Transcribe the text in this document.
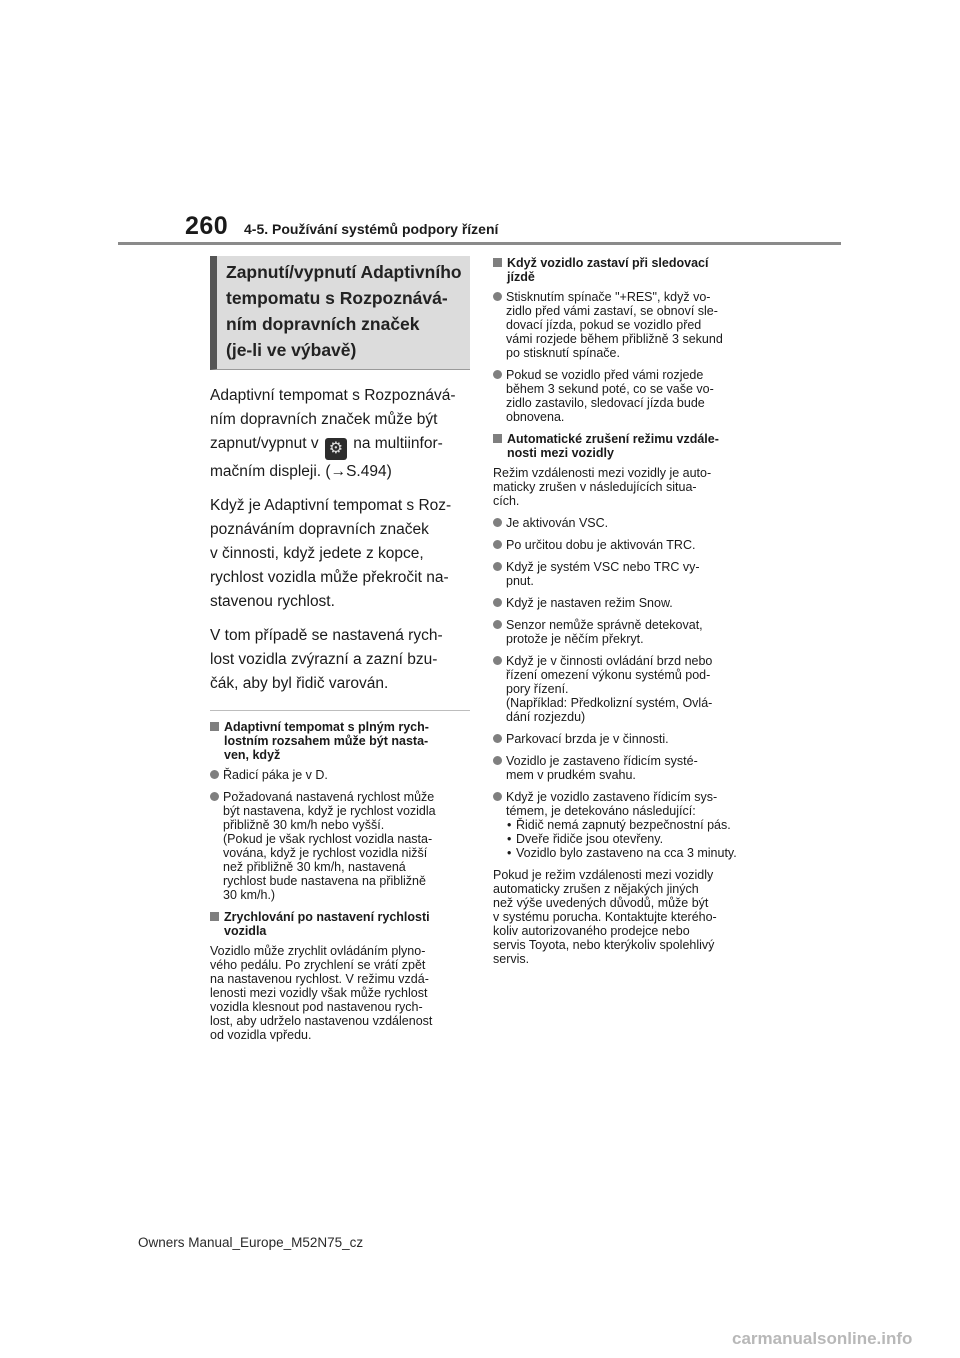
260 4-5. Používání systémů podpory řízení
Zapnutí/vypnutí Adaptivního
tempomatu s Rozpoznává-
ním dopravních značek
(je-li ve výbavě)

Adaptivní tempomat s Rozpoznává-
ním dopravních značek může být
zapnut/vypnut v ⚙ na multiinfor-
mačním displeji. (→S.494)

Když je Adaptivní tempomat s Roz-
poznáváním dopravních značek
v činnosti, když jedete z kopce,
rychlost vozidla může překročit na-
stavenou rychlost.

V tom případě se nastavená rych-
lost vozidla zvýrazní a zazní bzu-
čák, aby byl řidič varován.

Adaptivní tempomat s plným rych-
lostním rozsahem může být nasta-
ven, když
Řadicí páka je v D.
Požadovaná nastavená rychlost může
být nastavena, když je rychlost vozidla
přibližně 30 km/h nebo vyšší.
(Pokud je však rychlost vozidla nasta-
vována, když je rychlost vozidla nižší
než přibližně 30 km/h, nastavená
rychlost bude nastavena na přibližně
30 km/h.)
Zrychlování po nastavení rychlosti
vozidla
Vozidlo může zrychlit ovládáním plyno-
vého pedálu. Po zrychlení se vrátí zpět
na nastavenou rychlost. V režimu vzdá-
lenosti mezi vozidly však může rychlost
vozidla klesnout pod nastavenou rych-
lost, aby udrželo nastavenou vzdálenost
od vozidla vpředu.
Když vozidlo zastaví při sledovací
jízdě
Stisknutím spínače "+RES", když vo-
zidlo před vámi zastaví, se obnoví sle-
dovací jízda, pokud se vozidlo před
vámi rozjede během přibližně 3 sekund
po stisknutí spínače.
Pokud se vozidlo před vámi rozjede
během 3 sekund poté, co se vaše vo-
zidlo zastavilo, sledovací jízda bude
obnovena.
Automatické zrušení režimu vzdále-
nosti mezi vozidly
Režim vzdálenosti mezi vozidly je auto-
maticky zrušen v následujících situa-
cích.
Je aktivován VSC.
Po určitou dobu je aktivován TRC.
Když je systém VSC nebo TRC vy-
pnut.
Když je nastaven režim Snow.
Senzor nemůže správně detekovat,
protože je něčím překryt.
Když je v činnosti ovládání brzd nebo
řízení omezení výkonu systémů pod-
pory řízení.
(Například: Předkolizní systém, Ovlá-
dání rozjezdu)
Parkovací brzda je v činnosti.
Vozidlo je zastaveno řídicím systé-
mem v prudkém svahu.
Když je vozidlo zastaveno řídicím sys-
témem, je detekováno následující:
• Řidič nemá zapnutý bezpečnostní pás.
• Dveře řidiče jsou otevřeny.
• Vozidlo bylo zastaveno na cca 3 minuty.
Pokud je režim vzdálenosti mezi vozidly
automaticky zrušen z nějakých jiných
než výše uvedených důvodů, může být
v systému porucha. Kontaktujte kterého-
koliv autorizovaného prodejce nebo
servis Toyota, nebo kterýkoliv spolehlivý
servis.
Owners Manual_Europe_M52N75_cz
carmanualsonline.info
